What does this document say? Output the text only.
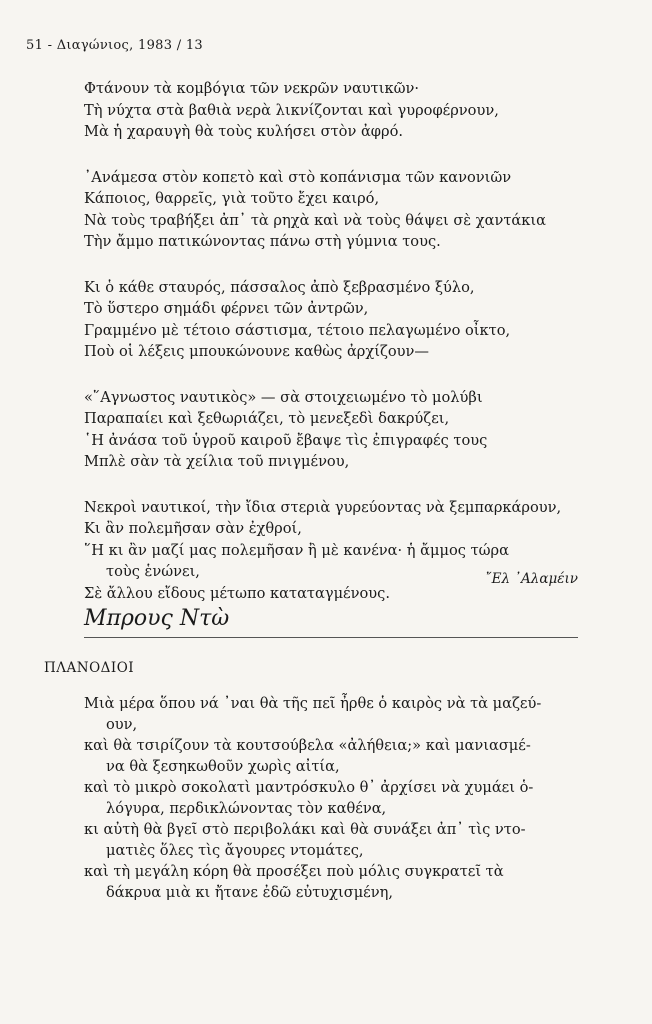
51 - Διαγώνιος, 1983 / 13
Φτάνουν τὰ κομβόγια τῶν νεκρῶν ναυτικῶν·
Τὴ νύχτα στὰ βαθιὰ νερὰ λικνίζονται καὶ γυροφέρνουν,
Μὰ ἡ χαραυγὴ θὰ τοὺς κυλήσει στὸν ἀφρό.
᾽Ανάμεσα στὸν κοπετὸ καὶ στὸ κοπάνισμα τῶν κανονιῶν
Κάποιος, θαρρεῖς, γιὰ τοῦτο ἔχει καιρό,
Νὰ τοὺς τραβήξει ἀπ᾽ τὰ ρηχὰ καὶ νὰ τοὺς θάψει σὲ χαντάκια
Τὴν ἄμμο πατικώνοντας πάνω στὴ γύμνια τους.
Κι ὁ κάθε σταυρός, πάσσαλος ἀπὸ ξεβρασμένο ξύλο,
Τὸ ὕστερο σημάδι φέρνει τῶν ἀντρῶν,
Γραμμένο μὲ τέτοιο σάστισμα, τέτοιο πελαγωμένο οἶκτο,
Ποὺ οἱ λέξεις μπουκώνουνε καθὼς ἀρχίζουν—
«῞Αγνωστος ναυτικὸς» — σὰ στοιχειωμένο τὸ μολύβι
Παραπαίει καὶ ξεθωριάζει, τὸ μενεξεδὶ δακρύζει,
῾Η ἀνάσα τοῦ ὑγροῦ καιροῦ ἔβαψε τὶς ἐπιγραφές τους
Μπλὲ σὰν τὰ χείλια τοῦ πνιγμένου,
Νεκροὶ ναυτικοί, τὴν ἴδια στεριὰ γυρεύοντας νὰ ξεμπαρκάρουν,
Κι ἂν πολεμῆσαν σὰν ἐχθροί,
῞Η κι ἂν μαζί μας πολεμῆσαν ἢ μὲ κανένα· ἡ ἄμμος τώρα
τοὺς ἑνώνει,
Σὲ ἄλλου εἴδους μέτωπο καταταγμένους.
῎Ελ ᾽Αλαμέιν
Μπρους Ντὼ
ΠΛΑΝΟΔΙΟΙ
Μιὰ μέρα ὅπου νά ᾽ναι θὰ τῆς πεῖ ἦρθε ὁ καιρὸς νὰ τὰ μαζεύ-
ουν,
καὶ θὰ τσιρίζουν τὰ κουτσούβελα «ἀλήθεια;» καὶ μανιασμέ-
να θὰ ξεσηκωθοῦν χωρὶς αἰτία,
καὶ τὸ μικρὸ σοκολατὶ μαντρόσκυλο θ᾽ ἀρχίσει νὰ χυμάει ὁ-
λόγυρα, περδικλώνοντας τὸν καθένα,
κι αὐτὴ θὰ βγεῖ στὸ περιβολάκι καὶ θὰ συνάξει ἀπ᾽ τὶς ντο-
ματιὲς ὅλες τὶς ἄγουρες ντομάτες,
καὶ τὴ μεγάλη κόρη θὰ προσέξει ποὺ μόλις συγκρατεῖ τὰ
δάκρυα μιὰ κι ἤτανε ἐδῶ εὐτυχισμένη,
